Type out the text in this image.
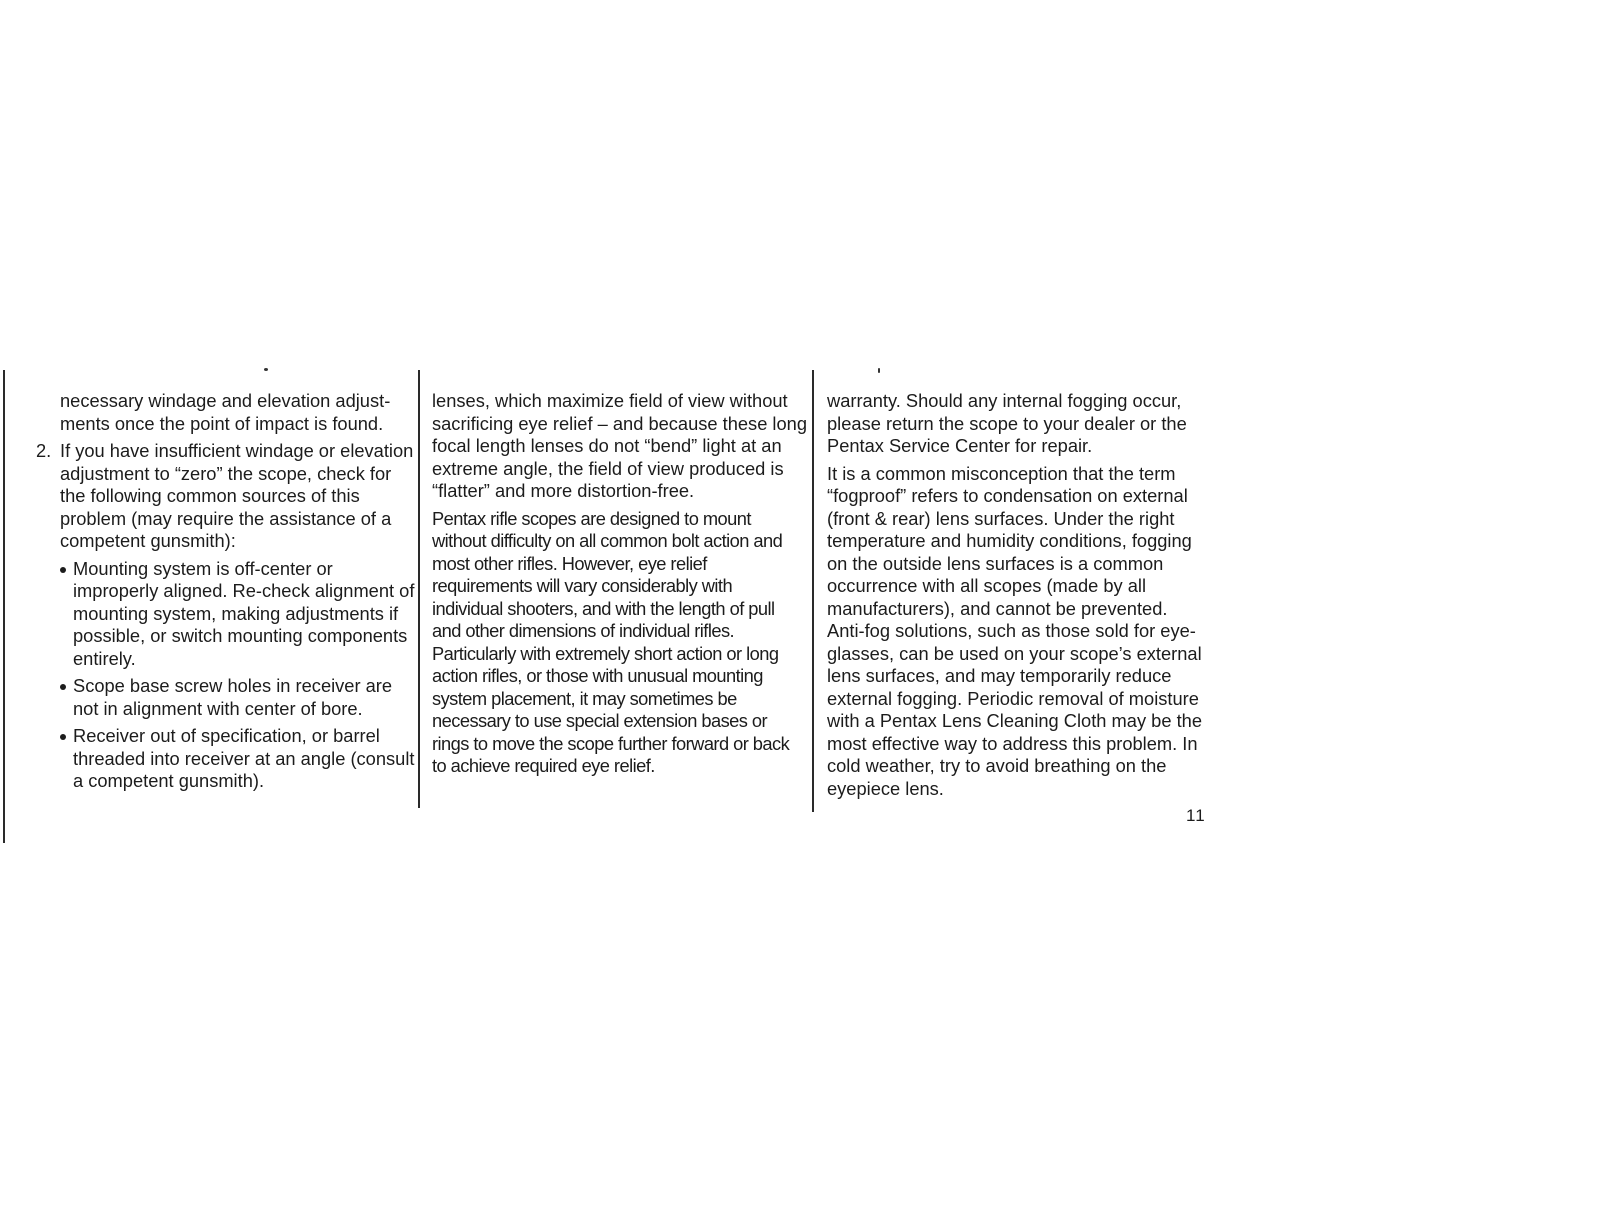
necessary windage and elevation adjust-ments once the point of impact is found.

2. If you have insufficient windage or elevation adjustment to “zero” the scope, check for the following common sources of this problem (may require the assistance of a competent gunsmith):
Mounting system is off-center or improperly aligned. Re-check alignment of mounting system, making adjustments if possible, or switch mounting components entirely.
Scope base screw holes in receiver are not in alignment with center of bore.
Receiver out of specification, or barrel threaded into receiver at an angle (consult a competent gunsmith).

lenses, which maximize field of view without sacrificing eye relief – and because these long focal length lenses do not “bend” light at an extreme angle, the field of view produced is “flatter” and more distortion-free.

Pentax rifle scopes are designed to mount without difficulty on all common bolt action and most other rifles. However, eye relief requirements will vary considerably with individual shooters, and with the length of pull and other dimensions of individual rifles. Particularly with extremely short action or long action rifles, or those with unusual mounting system placement, it may sometimes be necessary to use special extension bases or rings to move the scope further forward or back to achieve required eye relief.

warranty. Should any internal fogging occur, please return the scope to your dealer or the Pentax Service Center for repair.

It is a common misconception that the term “fogproof” refers to condensation on external (front & rear) lens surfaces. Under the right temperature and humidity conditions, fogging on the outside lens surfaces is a common occurrence with all scopes (made by all manufacturers), and cannot be prevented. Anti-fog solutions, such as those sold for eye-glasses, can be used on your scope’s external lens surfaces, and may temporarily reduce external fogging. Periodic removal of moisture with a Pentax Lens Cleaning Cloth may be the most effective way to address this problem. In cold weather, try to avoid breathing on the eyepiece lens.

11
